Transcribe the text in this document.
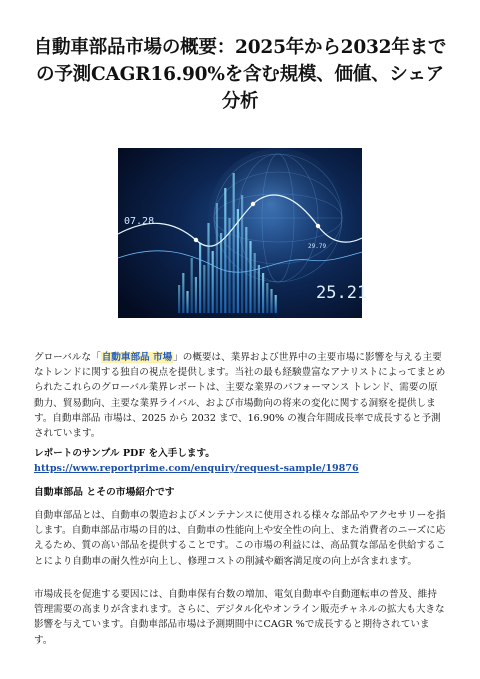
自動車部品市場の概要：2025年から2032年までの予測CAGR16.90%を含む規模、価値、シェア分析
07.28
29.79
25.21
グローバルな「自動車部品 市場」の概要は、業界および世界中の主要市場に影響を与える主要なトレンドに関する独自の視点を提供します。当社の最も経験豊富なアナリストによってまとめられたこれらのグローバル業界レポートは、主要な業界のパフォーマンス トレンド、需要の原動力、貿易動向、主要な業界ライバル、および市場動向の将来の変化に関する洞察を提供します。自動車部品 市場は、2025 から 2032 まで、16.90% の複合年間成長率で成長すると予測されています。
レポートのサンプル PDF を入手します。 https://www.reportprime.com/enquiry/request-sample/19876
自動車部品 とその市場紹介です
自動車部品とは、自動車の製造およびメンテナンスに使用される様々な部品やアクセサリーを指します。自動車部品市場の目的は、自動車の性能向上や安全性の向上、また消費者のニーズに応えるため、質の高い部品を提供することです。この市場の利益には、高品質な部品を供給することにより自動車の耐久性が向上し、修理コストの削減や顧客満足度の向上が含まれます。
市場成長を促進する要因には、自動車保有台数の増加、電気自動車や自動運転車の普及、維持管理需要の高まりが含まれます。さらに、デジタル化やオンライン販売チャネルの拡大も大きな影響を与えています。自動車部品市場は予測期間中にCAGR %で成長すると期待されています。
